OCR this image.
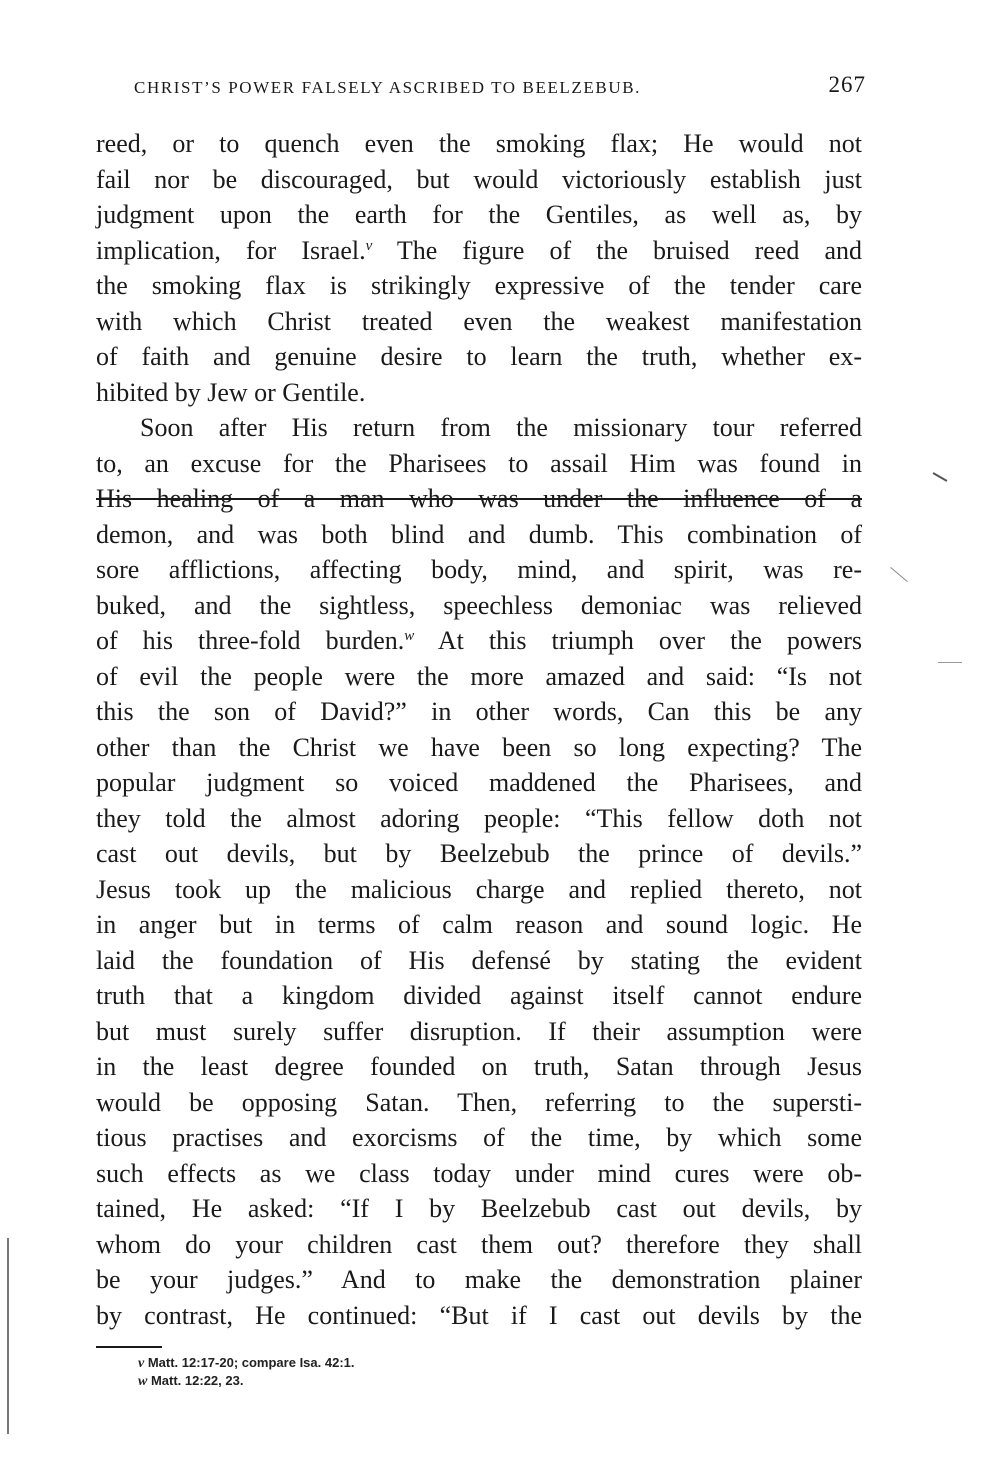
CHRIST’S POWER FALSELY ASCRIBED TO BEELZEBUB.	267
reed, or to quench even the smoking flax; He would not
fail nor be discouraged, but would victoriously establish just
judgment upon the earth for the Gentiles, as well as, by
implication, for Israel.$^v$ The figure of the bruised reed and
the smoking flax is strikingly expressive of the tender care
with which Christ treated even the weakest manifestation
of faith and genuine desire to learn the truth, whether ex-
hibited by Jew or Gentile.
Soon after His return from the missionary tour referred
to, an excuse for the Pharisees to assail Him was found in
His healing of a man who was under the influence of a
demon, and was both blind and dumb. This combination of
sore afflictions, affecting body, mind, and spirit, was re-
buked, and the sightless, speechless demoniac was relieved
of his three-fold burden.$^w$ At this triumph over the powers
of evil the people were the more amazed and said: “Is not
this the son of David?” in other words, Can this be any
other than the Christ we have been so long expecting? The
popular judgment so voiced maddened the Pharisees, and
they told the almost adoring people: “This fellow doth not
cast out devils, but by Beelzebub the prince of devils.”
Jesus took up the malicious charge and replied thereto, not
in anger but in terms of calm reason and sound logic. He
laid the foundation of His defensé by stating the evident
truth that a kingdom divided against itself cannot endure
but must surely suffer disruption. If their assumption were
in the least degree founded on truth, Satan through Jesus
would be opposing Satan. Then, referring to the supersti-
tious practises and exorcisms of the time, by which some
such effects as we class today under mind cures were ob-
tained, He asked: “If I by Beelzebub cast out devils, by
whom do your children cast them out? therefore they shall
be your judges.” And to make the demonstration plainer
by contrast, He continued: “But if I cast out devils by the
v Matt. 12:17-20; compare Isa. 42:1.
w Matt. 12:22, 23.
